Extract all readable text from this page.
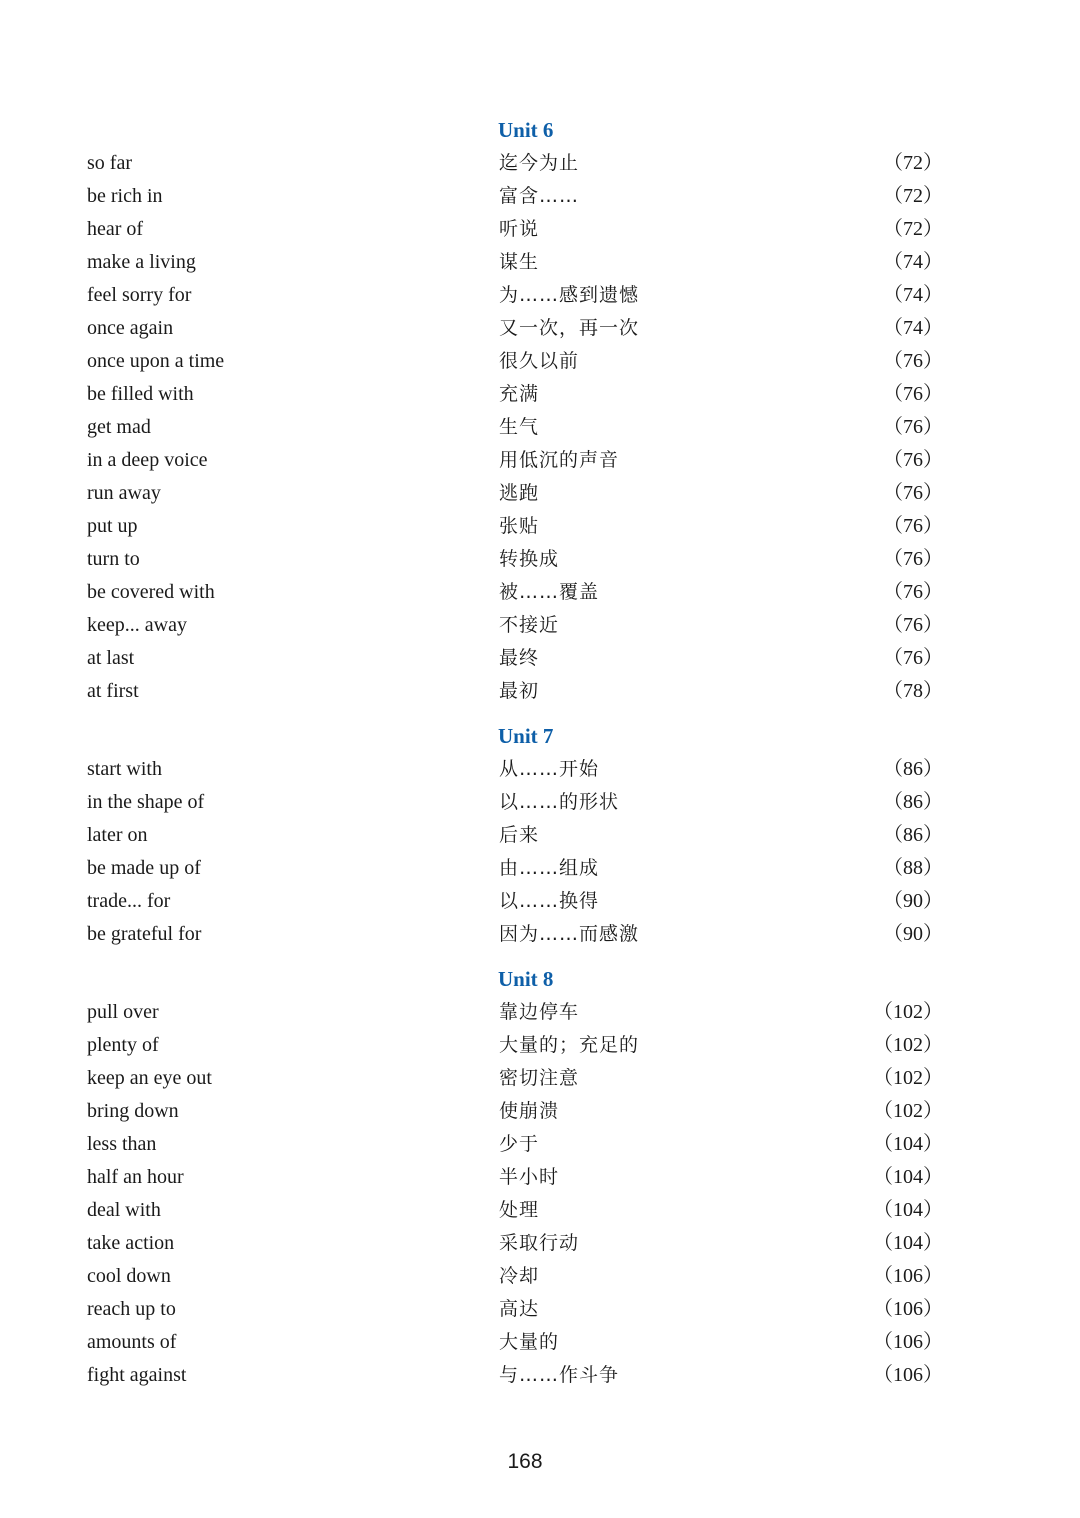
Unit 6
so far	迄今为止	（72）
be rich in	富含……	（72）
hear of	听说	（72）
make a living	谋生	（74）
feel sorry for	为……感到遗憾	（74）
once again	又一次，再一次	（74）
once upon a time	很久以前	（76）
be filled with	充满	（76）
get mad	生气	（76）
in a deep voice	用低沉的声音	（76）
run away	逃跑	（76）
put up	张贴	（76）
turn to	转换成	（76）
be covered with	被……覆盖	（76）
keep... away	不接近	（76）
at last	最终	（76）
at first	最初	（78）
Unit 7
start with	从……开始	（86）
in the shape of	以……的形状	（86）
later on	后来	（86）
be made up of	由……组成	（88）
trade... for	以……换得	（90）
be grateful for	因为……而感激	（90）
Unit 8
pull over	靠边停车	（102）
plenty of	大量的；充足的	（102）
keep an eye out	密切注意	（102）
bring down	使崩溃	（102）
less than	少于	（104）
half an hour	半小时	（104）
deal with	处理	（104）
take action	采取行动	（104）
cool down	冷却	（106）
reach up to	高达	（106）
amounts of	大量的	（106）
fight against	与……作斗争	（106）
168
